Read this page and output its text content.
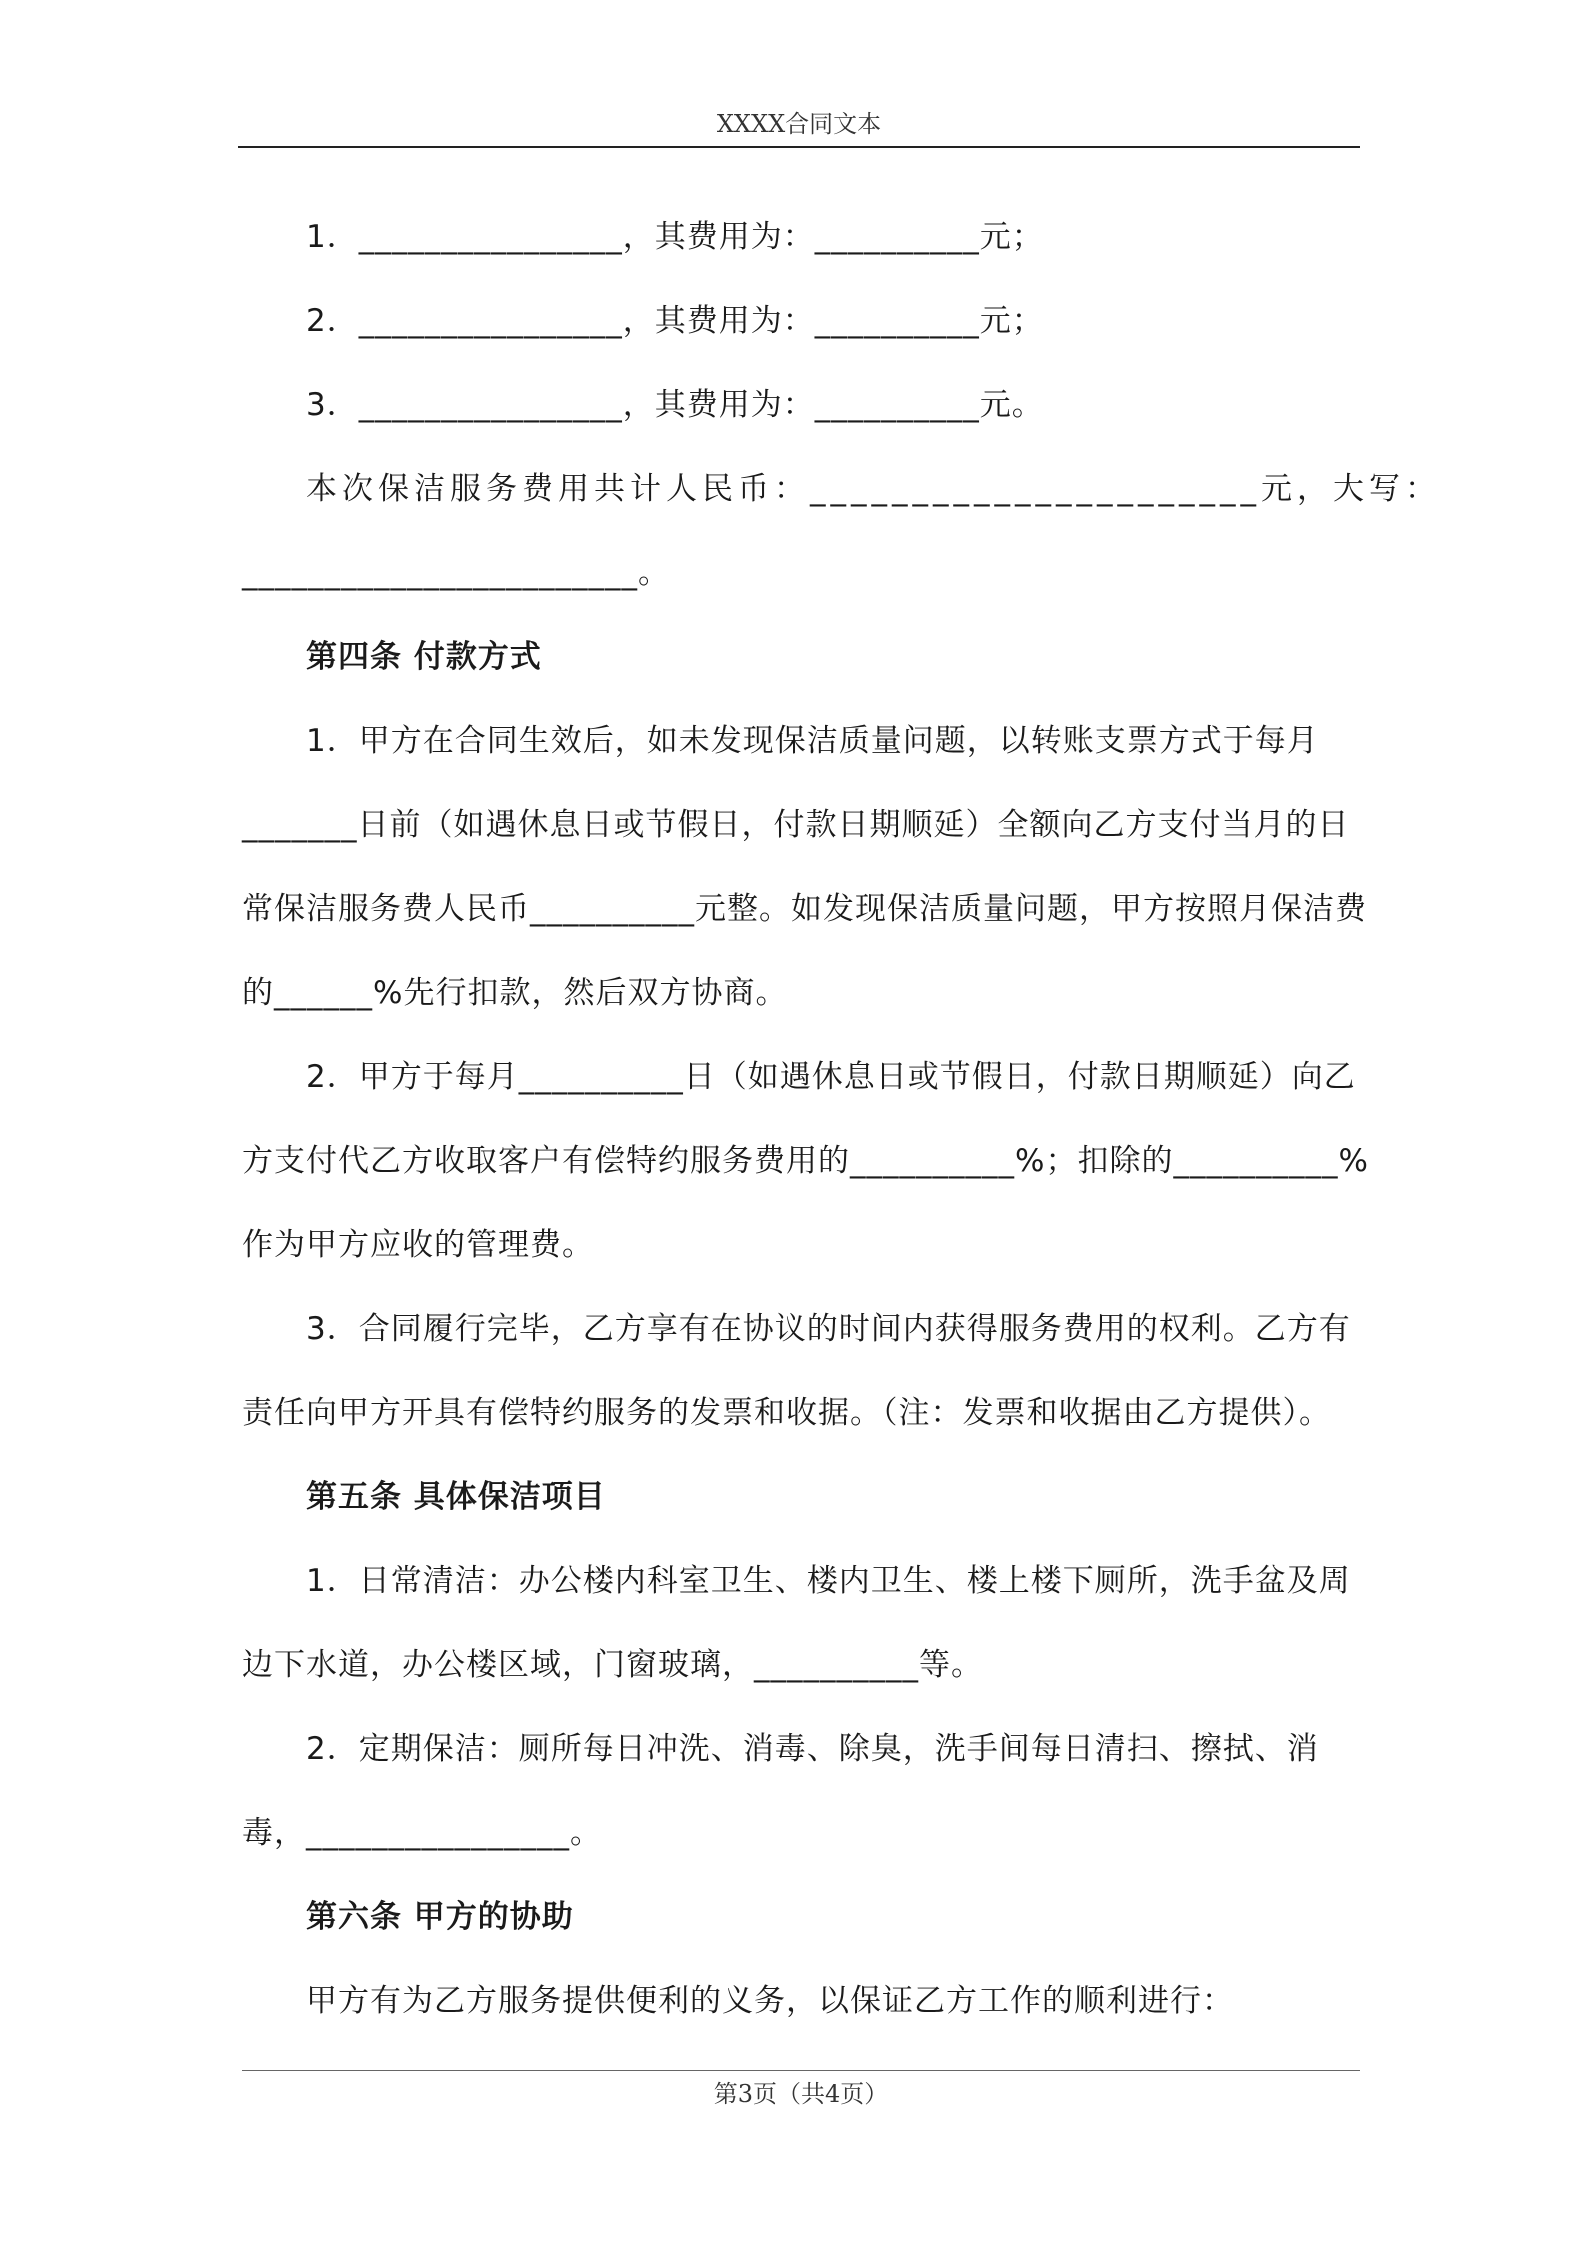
XXXX合同文本
1．________________，其费用为：__________元；
2．________________，其费用为：__________元；
3．________________，其费用为：__________元。
本次保洁服务费用共计人民币：______________________元，大写：
________________________。
第四条 付款方式
1．甲方在合同生效后，如未发现保洁质量问题，以转账支票方式于每月
_______日前（如遇休息日或节假日，付款日期顺延）全额向乙方支付当月的日
常保洁服务费人民币__________元整。如发现保洁质量问题，甲方按照月保洁费
的______%先行扣款，然后双方协商。
2．甲方于每月__________日（如遇休息日或节假日，付款日期顺延）向乙
方支付代乙方收取客户有偿特约服务费用的__________%；扣除的__________%
作为甲方应收的管理费。
3．合同履行完毕，乙方享有在协议的时间内获得服务费用的权利。乙方有
责任向甲方开具有偿特约服务的发票和收据。（注：发票和收据由乙方提供）。
第五条 具体保洁项目
1．日常清洁：办公楼内科室卫生、楼内卫生、楼上楼下厕所，洗手盆及周
边下水道，办公楼区域，门窗玻璃，__________等。
2．定期保洁：厕所每日冲洗、消毒、除臭，洗手间每日清扫、擦拭、消
毒，________________。
第六条 甲方的协助
甲方有为乙方服务提供便利的义务，以保证乙方工作的顺利进行：
第3页（共4页）
